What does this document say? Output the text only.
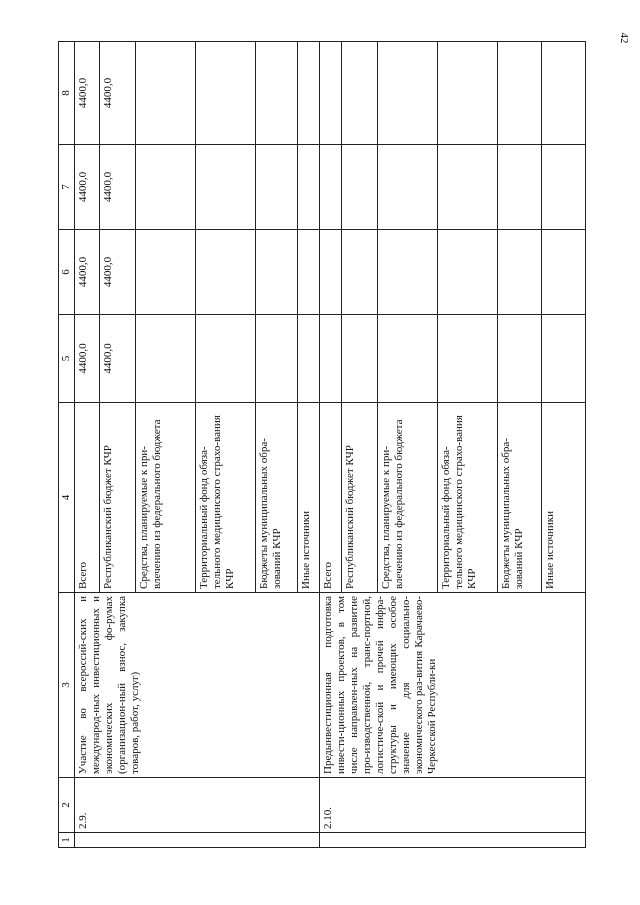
42
1	2	3	4	5	6	7	8
	2.9.	Участие во всероссий-ских и международ-ных инвестиционных и экономических фо-румах (организацион-ный взнос, закупка товаров, работ, услуг)	Всего	4400,0	4400,0	4400,0	4400,0
			Республиканский бюджет КЧР	4400,0	4400,0	4400,0	4400,0
			Средства, планируемые к при-влечению из федерального бюджета				
			Территориальный фонд обяза-тельного медицинского страхо-вания КЧР				
			Бюджеты муниципальных обра-зований КЧР				
			Иные источники				
	2.10.	Предынвестиционная подготовка инвести-ционных проектов, в том числе направлен-ных на развитие про-изводственной, транс-портной, логистиче-ской и прочей инфра-структуры и имеющих особое значение для социально-экономического раз-вития Карачаево-Черкесской Республи-ки	Всего				
			Республиканский бюджет КЧР				
			Средства, планируемые к при-влечению из федерального бюджета				
			Территориальный фонд обяза-тельного медицинского страхо-вания КЧР				
			Бюджеты муниципальных обра-зований КЧР				
			Иные источники				
